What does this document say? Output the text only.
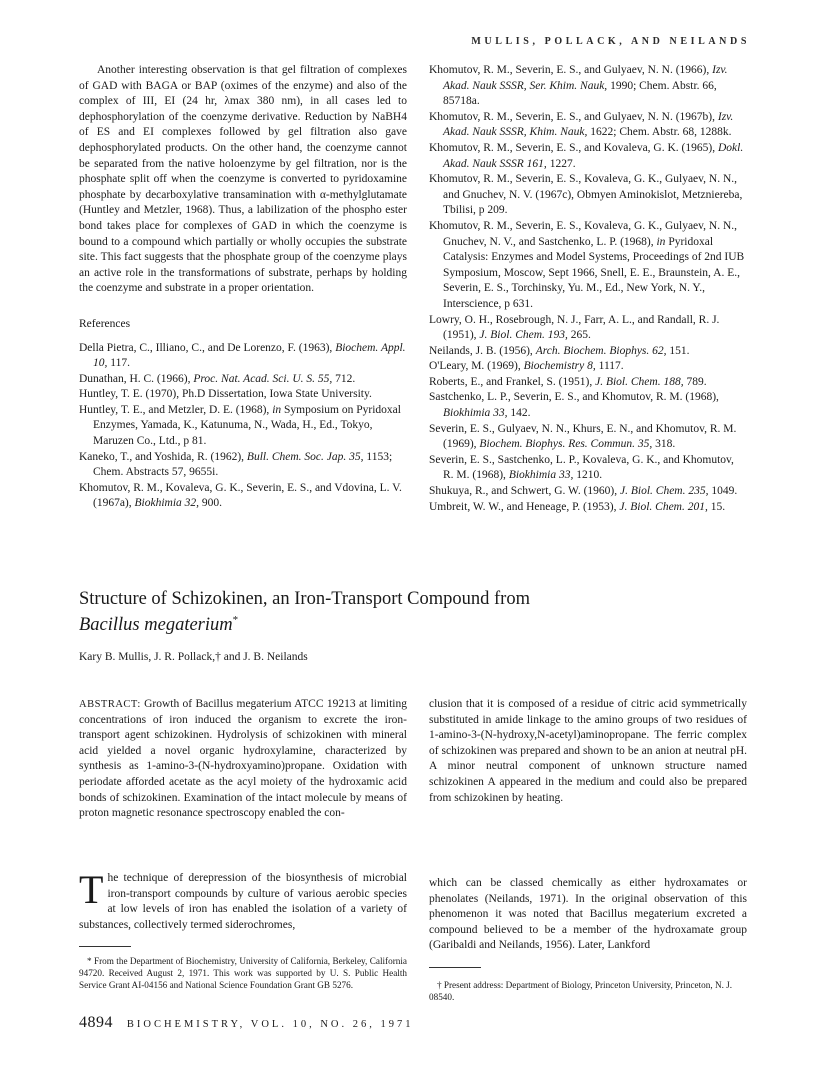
MULLIS, POLLACK, AND NEILANDS

Another interesting observation is that gel filtration of complexes of GAD with BAGA or BAP (oximes of the enzyme) and also of the complex of III, EI (24 hr, λmax 380 nm), in all cases led to dephosphorylation of the coenzyme derivative. Reduction by NaBH4 of ES and EI complexes followed by gel filtration also gave dephosphorylated products. On the other hand, the coenzyme cannot be separated from the native holoenzyme by gel filtration, nor is the phosphate split off when the coenzyme is converted to pyridoxamine phosphate by decarboxylative transamination with α-methylglutamate (Huntley and Metzler, 1968). Thus, a labilization of the phospho ester bond takes place for complexes of GAD in which the coenzyme is bound to a compound which partially or wholly occupies the substrate site. This fact suggests that the phosphate group of the coenzyme plays an active role in the transformations of substrate, perhaps by holding the coenzyme and substrate in a proper orientation.

References

Della Pietra, C., Illiano, C., and De Lorenzo, F. (1963), Biochem. Appl. 10, 117.

Dunathan, H. C. (1966), Proc. Nat. Acad. Sci. U. S. 55, 712.

Huntley, T. E. (1970), Ph.D Dissertation, Iowa State University.

Huntley, T. E., and Metzler, D. E. (1968), in Symposium on Pyridoxal Enzymes, Yamada, K., Katunuma, N., Wada, H., Ed., Tokyo, Maruzen Co., Ltd., p 81.

Kaneko, T., and Yoshida, R. (1962), Bull. Chem. Soc. Jap. 35, 1153; Chem. Abstracts 57, 9655i.

Khomutov, R. M., Kovaleva, G. K., Severin, E. S., and Vdovina, L. V. (1967a), Biokhimia 32, 900.

Khomutov, R. M., Severin, E. S., and Gulyaev, N. N. (1966), Izv. Akad. Nauk SSSR, Ser. Khim. Nauk, 1990; Chem. Abstr. 66, 85718a.

Khomutov, R. M., Severin, E. S., and Gulyaev, N. N. (1967b), Izv. Akad. Nauk SSSR, Khim. Nauk, 1622; Chem. Abstr. 68, 1288k.

Khomutov, R. M., Severin, E. S., and Kovaleva, G. K. (1965), Dokl. Akad. Nauk SSSR 161, 1227.

Khomutov, R. M., Severin, E. S., Kovaleva, G. K., Gulyaev, N. N., and Gnuchev, N. V. (1967c), Obmyen Aminokislot, Metzniereba, Tbilisi, p 209.

Khomutov, R. M., Severin, E. S., Kovaleva, G. K., Gulyaev, N. N., Gnuchev, N. V., and Sastchenko, L. P. (1968), in Pyridoxal Catalysis: Enzymes and Model Systems, Proceedings of 2nd IUB Symposium, Moscow, Sept 1966, Snell, E. E., Braunstein, A. E., Severin, E. S., Torchinsky, Yu. M., Ed., New York, N. Y., Interscience, p 631.

Lowry, O. H., Rosebrough, N. J., Farr, A. L., and Randall, R. J. (1951), J. Biol. Chem. 193, 265.

Neilands, J. B. (1956), Arch. Biochem. Biophys. 62, 151.

O'Leary, M. (1969), Biochemistry 8, 1117.

Roberts, E., and Frankel, S. (1951), J. Biol. Chem. 188, 789.

Sastchenko, L. P., Severin, E. S., and Khomutov, R. M. (1968), Biokhimia 33, 142.

Severin, E. S., Gulyaev, N. N., Khurs, E. N., and Khomutov, R. M. (1969), Biochem. Biophys. Res. Commun. 35, 318.

Severin, E. S., Sastchenko, L. P., Kovaleva, G. K., and Khomutov, R. M. (1968), Biokhimia 33, 1210.

Shukuya, R., and Schwert, G. W. (1960), J. Biol. Chem. 235, 1049.

Umbreit, W. W., and Heneage, P. (1953), J. Biol. Chem. 201, 15.

Structure of Schizokinen, an Iron-Transport Compound from
Bacillus megaterium*
Kary B. Mullis, J. R. Pollack,† and J. B. Neilands
ABSTRACT: Growth of Bacillus megaterium ATCC 19213 at limiting concentrations of iron induced the organism to excrete the iron-transport agent schizokinen. Hydrolysis of schizokinen with mineral acid yielded a novel organic hydroxylamine, characterized by synthesis as 1-amino-3-(N-hydroxyamino)propane. Oxidation with periodate afforded acetate as the acyl moiety of the hydroxamic acid bonds of schizokinen. Examination of the intact molecule by means of proton magnetic resonance spectroscopy enabled the con-
clusion that it is composed of a residue of citric acid symmetrically substituted in amide linkage to the amino groups of two residues of 1-amino-3-(N-hydroxy,N-acetyl)aminopropane. The ferric complex of schizokinen was prepared and shown to be an anion at neutral pH. A minor neutral component of unknown structure named schizokinen A appeared in the medium and could also be prepared from schizokinen by heating.
The technique of derepression of the biosynthesis of microbial iron-transport compounds by culture of various aerobic species at low levels of iron has enabled the isolation of a variety of substances, collectively termed siderochromes,
which can be classed chemically as either hydroxamates or phenolates (Neilands, 1971). In the original observation of this phenomenon it was noted that Bacillus megaterium excreted a compound believed to be a member of the hydroxamate group (Garibaldi and Neilands, 1956). Later, Lankford

* From the Department of Biochemistry, University of California, Berkeley, California 94720. Received August 2, 1971. This work was supported by U. S. Public Health Service Grant AI-04156 and National Science Foundation Grant GB 5276.	† Present address: Department of Biology, Princeton University, Princeton, N. J. 08540.

4894 BIOCHEMISTRY, VOL. 10, NO. 26, 1971
